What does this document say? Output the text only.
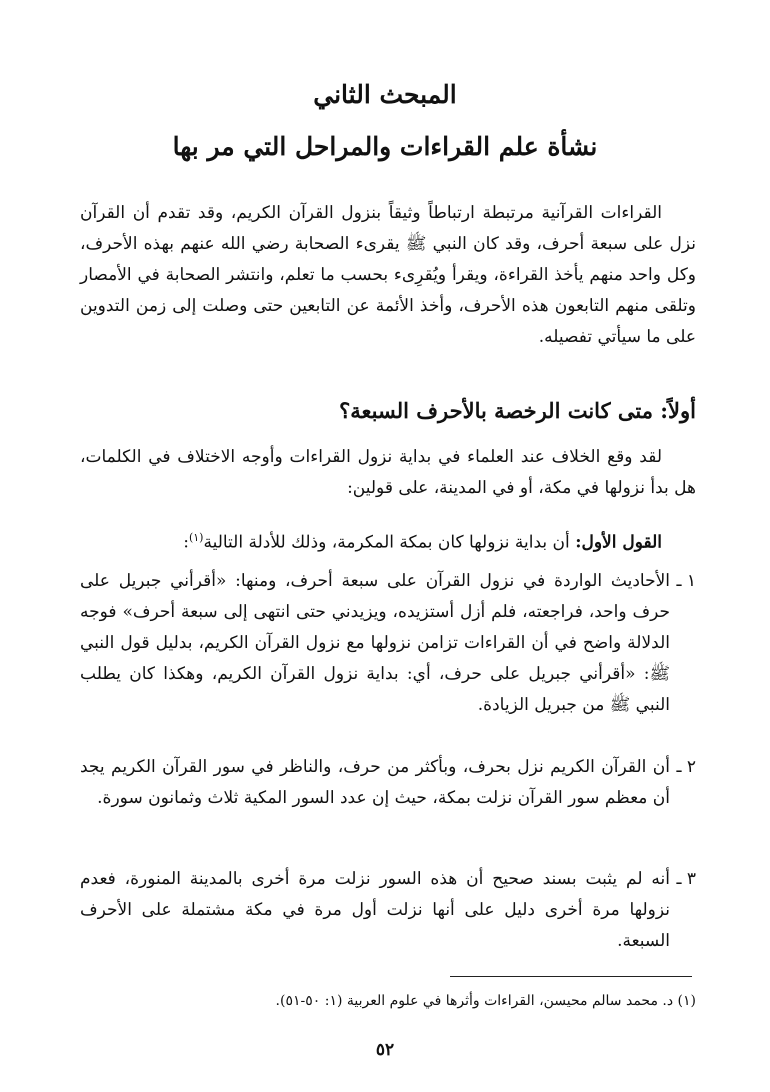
المبحث الثاني
نشأة علم القراءات والمراحل التي مر بها
القراءات القرآنية مرتبطة ارتباطاً وثيقاً بنزول القرآن الكريم، وقد تقدم أن القرآن نزل على سبعة أحرف، وقد كان النبي ﷺ يقرىء الصحابة رضي الله عنهم بهذه الأحرف، وكل واحد منهم يأخذ القراءة، ويقرأ ويُقرِىء بحسب ما تعلم، وانتشر الصحابة في الأمصار وتلقى منهم التابعون هذه الأحرف، وأخذ الأئمة عن التابعين حتى وصلت إلى زمن التدوين على ما سيأتي تفصيله.
أولاً: متى كانت الرخصة بالأحرف السبعة؟
لقد وقع الخلاف عند العلماء في بداية نزول القراءات وأوجه الاختلاف في الكلمات، هل بدأ نزولها في مكة، أو في المدينة، على قولين:
القول الأول: أن بداية نزولها كان بمكة المكرمة، وذلك للأدلة التالية$^{(١)}$:
١ ـ
الأحاديث الواردة في نزول القرآن على سبعة أحرف، ومنها: «أقرأني جبريل على حرف واحد، فراجعته، فلم أزل أستزيده، ويزيدني حتى انتهى إلى سبعة أحرف» فوجه الدلالة واضح في أن القراءات تزامن نزولها مع نزول القرآن الكريم، بدليل قول النبي ﷺ: «أقرأني جبريل على حرف، أي: بداية نزول القرآن الكريم، وهكذا كان يطلب النبي ﷺ من جبريل الزيادة.
٢ ـ
أن القرآن الكريم نزل بحرف، وبأكثر من حرف، والناظر في سور القرآن الكريم يجد أن معظم سور القرآن نزلت بمكة، حيث إن عدد السور المكية ثلاث وثمانون سورة.
٣ ـ
أنه لم يثبت بسند صحيح أن هذه السور نزلت مرة أخرى بالمدينة المنورة، فعدم نزولها مرة أخرى دليل على أنها نزلت أول مرة في مكة مشتملة على الأحرف السبعة.
(١) د. محمد سالم محيسن، القراءات وأثرها في علوم العربية (١: ٥٠-٥١).
٥٢
